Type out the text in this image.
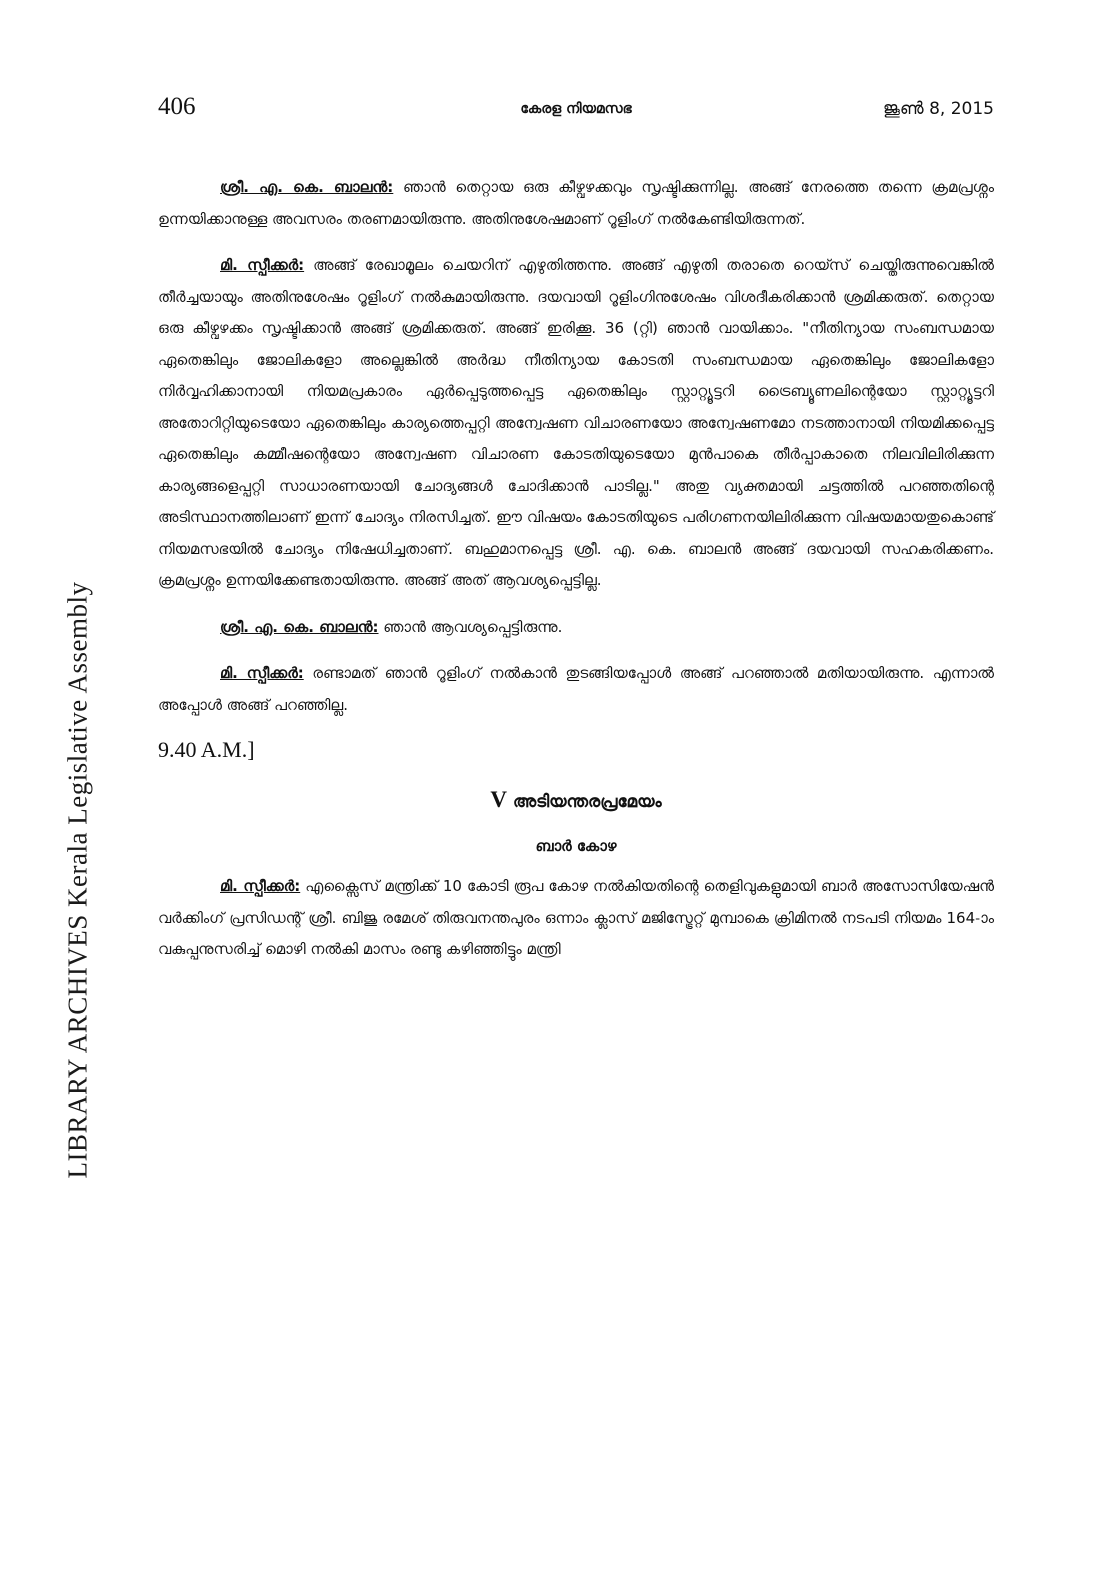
LIBRARY ARCHIVES Kerala Legislative Assembly
406	കേരള നിയമസഭ	ജൂൺ 8, 2015

ശ്രീ. എ. കെ. ബാലൻ: ഞാൻ തെറ്റായ ഒരു കീഴ്വഴക്കവും സൃഷ്ടിക്കുന്നില്ല. അങ്ങ് നേരത്തെ തന്നെ ക്രമപ്രശ്നം ഉന്നയിക്കാനുള്ള അവസരം തരണമായിരുന്നു. അതിനുശേഷമാണ് റൂളിംഗ് നൽകേണ്ടിയിരുന്നത്.

മി. സ്പീക്കർ: അങ്ങ് രേഖാമൂലം ചെയറിന് എഴുതിത്തന്നു. അങ്ങ് എഴുതി തരാതെ റെയ്സ് ചെയ്തിരുന്നുവെങ്കിൽ തീർച്ചയായും അതിനുശേഷം റൂളിംഗ് നൽകുമായിരുന്നു. ദയവായി റൂളിംഗിനുശേഷം വിശദീകരിക്കാൻ ശ്രമിക്കരുത്. തെറ്റായ ഒരു കീഴ്വഴക്കം സൃഷ്ടിക്കാൻ അങ്ങ് ശ്രമിക്കരുത്. അങ്ങ് ഇരിക്കൂ. 36 (റ്റി) ഞാൻ വായിക്കാം. "നീതിന്യായ സംബന്ധമായ ഏതെങ്കിലും ജോലികളോ അല്ലെങ്കിൽ അർദ്ധ നീതിന്യായ കോടതി സംബന്ധമായ ഏതെങ്കിലും ജോലികളോ നിർവ്വഹിക്കാനായി നിയമപ്രകാരം ഏർപ്പെടുത്തപ്പെട്ട ഏതെങ്കിലും സ്റ്റാറ്റ്യൂട്ടറി ട്രൈബ്യൂണലിന്റെയോ സ്റ്റാറ്റ്യൂട്ടറി അതോറിറ്റിയുടെയോ ഏതെങ്കിലും കാര്യത്തെപ്പറ്റി അന്വേഷണ വിചാരണയോ അന്വേഷണമോ നടത്താനായി നിയമിക്കപ്പെട്ട ഏതെങ്കിലും കമ്മീഷന്റെയോ അന്വേഷണ വിചാരണ കോടതിയുടെയോ മുൻപാകെ തീർപ്പാകാതെ നിലവിലിരിക്കുന്ന കാര്യങ്ങളെപ്പറ്റി സാധാരണയായി ചോദ്യങ്ങൾ ചോദിക്കാൻ പാടില്ല." അതു വ്യക്തമായി ചട്ടത്തിൽ പറഞ്ഞതിന്റെ അടിസ്ഥാനത്തിലാണ് ഇന്ന് ചോദ്യം നിരസിച്ചത്. ഈ വിഷയം കോടതിയുടെ പരിഗണനയിലിരിക്കുന്ന വിഷയമായതുകൊണ്ട് നിയമസഭയിൽ ചോദ്യം നിഷേധിച്ചതാണ്. ബഹുമാനപ്പെട്ട ശ്രീ. എ. കെ. ബാലൻ അങ്ങ് ദയവായി സഹകരിക്കണം. ക്രമപ്രശ്നം ഉന്നയിക്കേണ്ടതായിരുന്നു. അങ്ങ് അത് ആവശ്യപ്പെട്ടില്ല.

ശ്രീ. എ. കെ. ബാലൻ: ഞാൻ ആവശ്യപ്പെട്ടിരുന്നു.

മി. സ്പീക്കർ: രണ്ടാമത് ഞാൻ റൂളിംഗ് നൽകാൻ തുടങ്ങിയപ്പോൾ അങ്ങ് പറഞ്ഞാൽ മതിയായിരുന്നു. എന്നാൽ അപ്പോൾ അങ്ങ് പറഞ്ഞില്ല.

9.40 A.M.]

V അടിയന്തരപ്രമേയം
ബാർ കോഴ

മി. സ്പീക്കർ: എക്സൈസ് മന്ത്രിക്ക് 10 കോടി രൂപ കോഴ നൽകിയതിന്റെ തെളിവുകളുമായി ബാർ അസോസിയേഷൻ വർക്കിംഗ് പ്രസിഡന്റ് ശ്രീ. ബിജു രമേശ് തിരുവനന്തപുരം ഒന്നാം ക്ലാസ് മജിസ്ട്രേറ്റ് മുമ്പാകെ ക്രിമിനൽ നടപടി നിയമം 164-ാം വകുപ്പനുസരിച്ച് മൊഴി നൽകി മാസം രണ്ടു കഴിഞ്ഞിട്ടും മന്ത്രി
